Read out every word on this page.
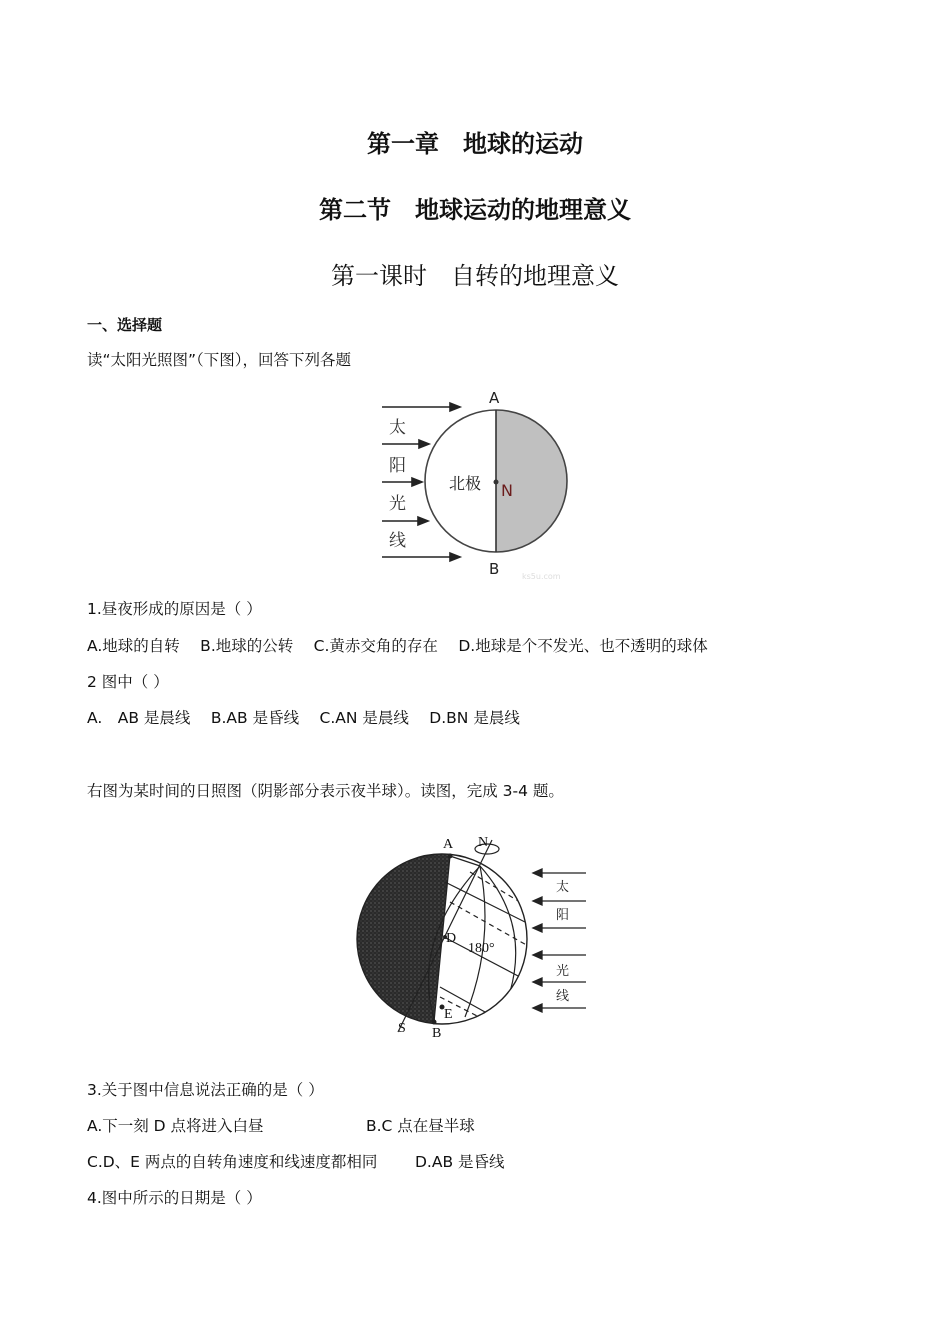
第一章　地球的运动
第二节　地球运动的地理意义
第一课时　自转的地理意义
一、选择题
读“太阳光照图”（下图），回答下列各题
太
阳
光
线
A
B
北极 N
ks5u.com
1.昼夜形成的原因是（ ）
A.地球的自转　 B.地球的公转　 C.黄赤交角的存在　 D.地球是个不发光、也不透明的球体
2 图中（ ）
A.　AB 是晨线　 B.AB 是昏线　 C.AN 是晨线　 D.BN 是晨线
右图为某时间的日照图（阴影部分表示夜半球）。读图，完成 3-4 题。
A N
D
180°
E
S B
太
阳
光
线
3.关于图中信息说法正确的是（ ）
A.下一刻 D 点将进入白昼	B.C 点在昼半球
C.D、E 两点的自转角速度和线速度都相同 D.AB 是昏线
4.图中所示的日期是（ ）
